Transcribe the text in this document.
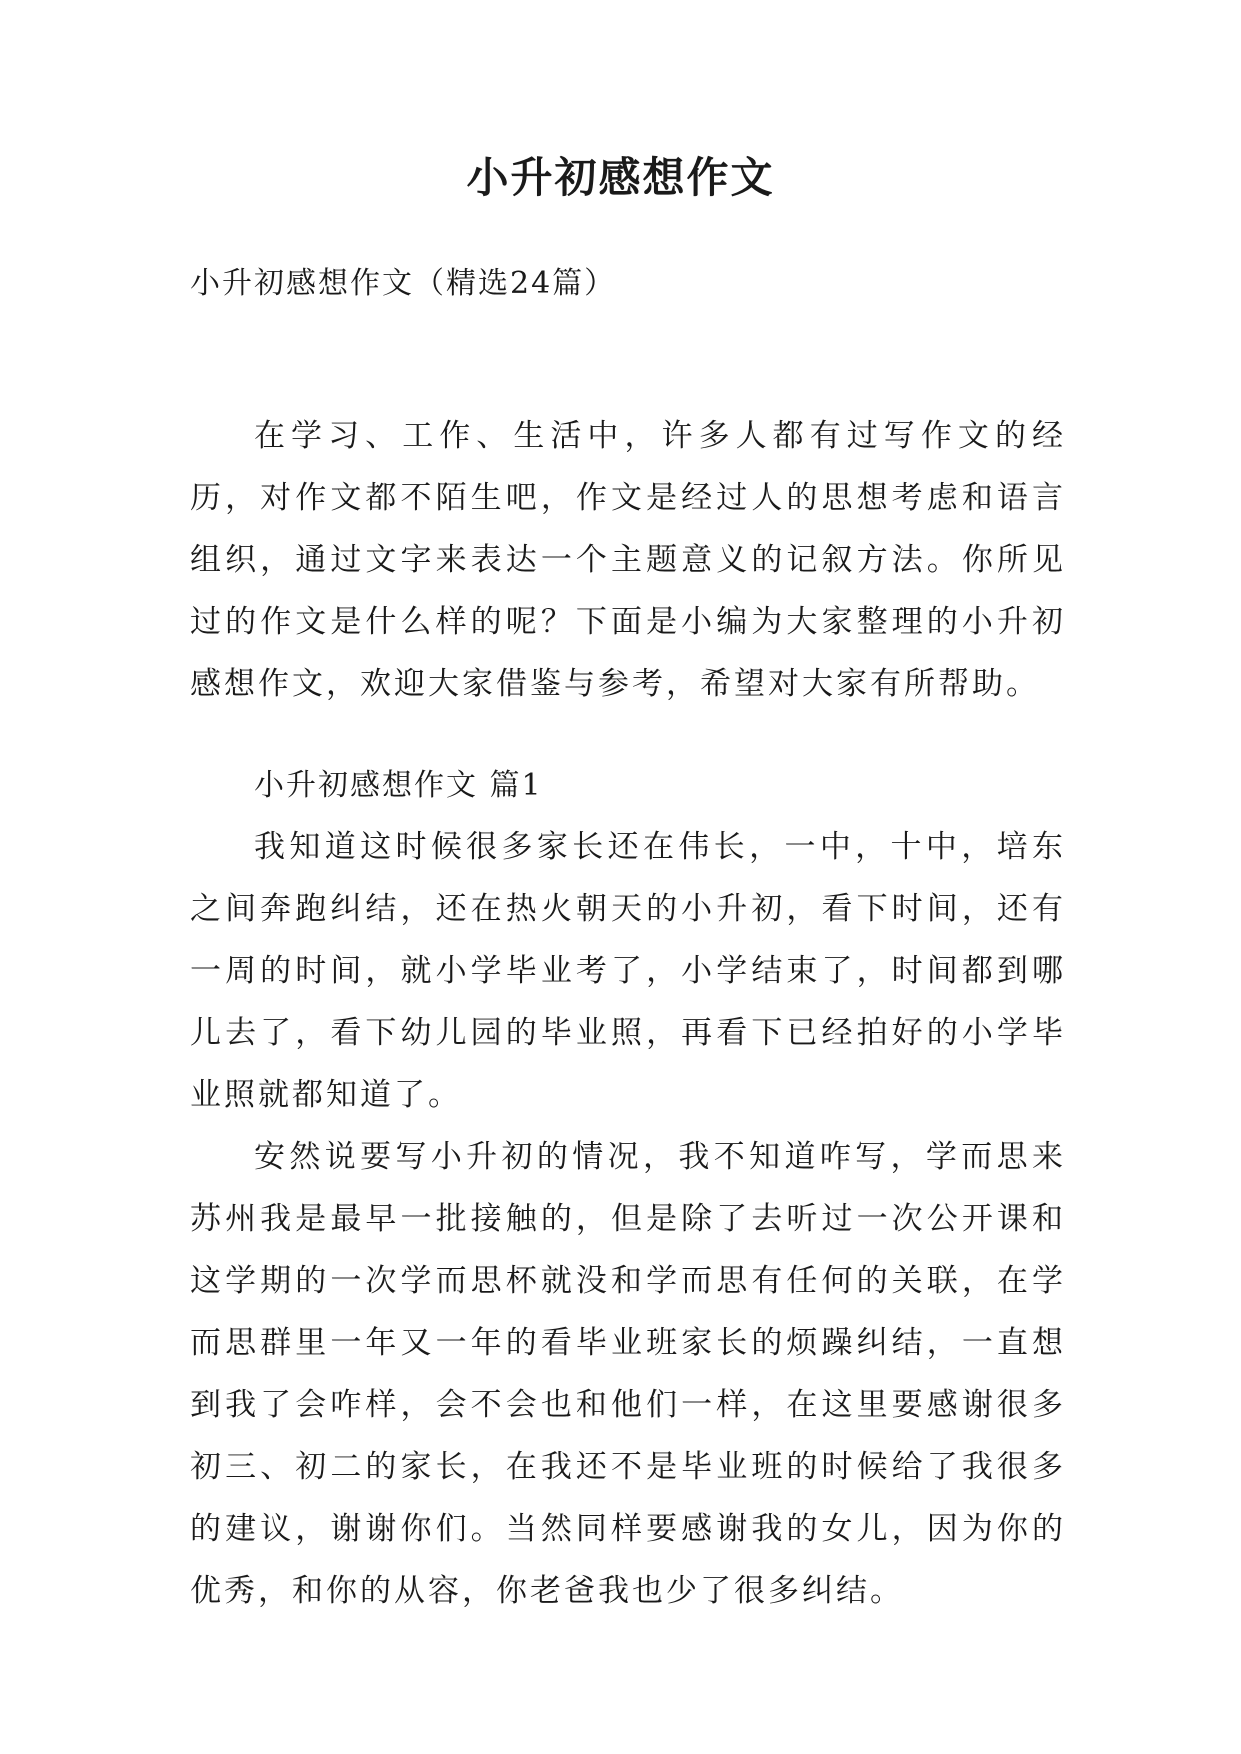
小升初感想作文
小升初感想作文（精选24篇）

在学习、工作、生活中，许多人都有过写作文的经历，对作文都不陌生吧，作文是经过人的思想考虑和语言组织，通过文字来表达一个主题意义的记叙方法。你所见过的作文是什么样的呢？下面是小编为大家整理的小升初感想作文，欢迎大家借鉴与参考，希望对大家有所帮助。

小升初感想作文 篇1

我知道这时候很多家长还在伟长，一中，十中，培东之间奔跑纠结，还在热火朝天的小升初，看下时间，还有一周的时间，就小学毕业考了，小学结束了，时间都到哪儿去了，看下幼儿园的毕业照，再看下已经拍好的小学毕业照就都知道了。

安然说要写小升初的情况，我不知道咋写，学而思来苏州我是最早一批接触的，但是除了去听过一次公开课和这学期的一次学而思杯就没和学而思有任何的关联，在学而思群里一年又一年的看毕业班家长的烦躁纠结，一直想到我了会咋样，会不会也和他们一样，在这里要感谢很多初三、初二的家长，在我还不是毕业班的时候给了我很多的建议，谢谢你们。当然同样要感谢我的女儿，因为你的优秀，和你的从容，你老爸我也少了很多纠结。
